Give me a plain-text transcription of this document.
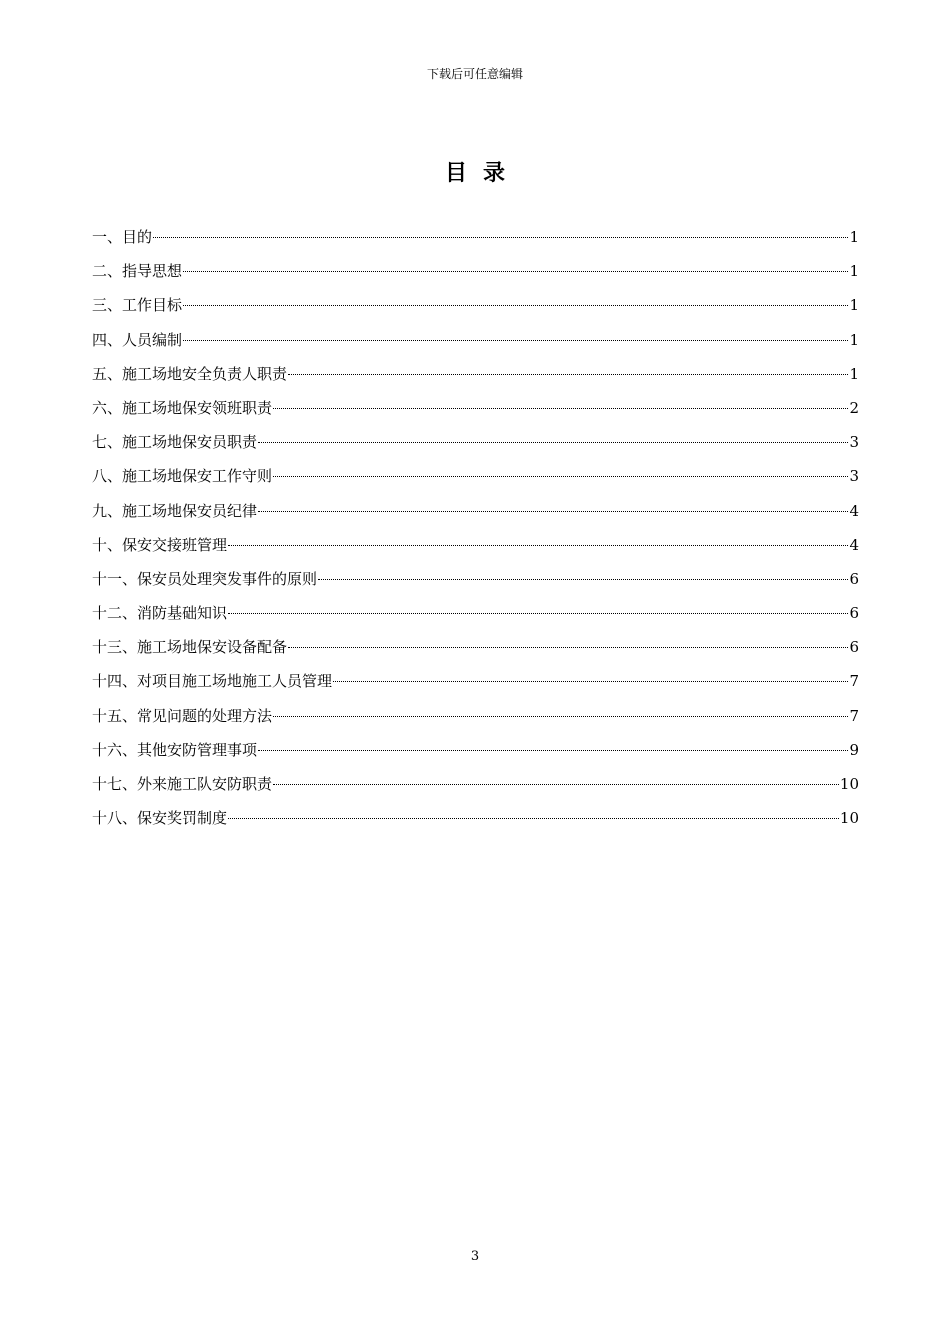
下载后可任意编辑
目录
一、目的	1
二、指导思想	1
三、工作目标	1
四、人员编制	1
五、施工场地安全负责人职责	1
六、施工场地保安领班职责	2
七、施工场地保安员职责	3
八、施工场地保安工作守则	3
九、施工场地保安员纪律	4
十、保安交接班管理	4
十一、保安员处理突发事件的原则	6
十二、消防基础知识	6
十三、施工场地保安设备配备	6
十四、对项目施工场地施工人员管理	7
十五、常见问题的处理方法	7
十六、其他安防管理事项	9
十七、外来施工队安防职责	10
十八、保安奖罚制度	10
3
